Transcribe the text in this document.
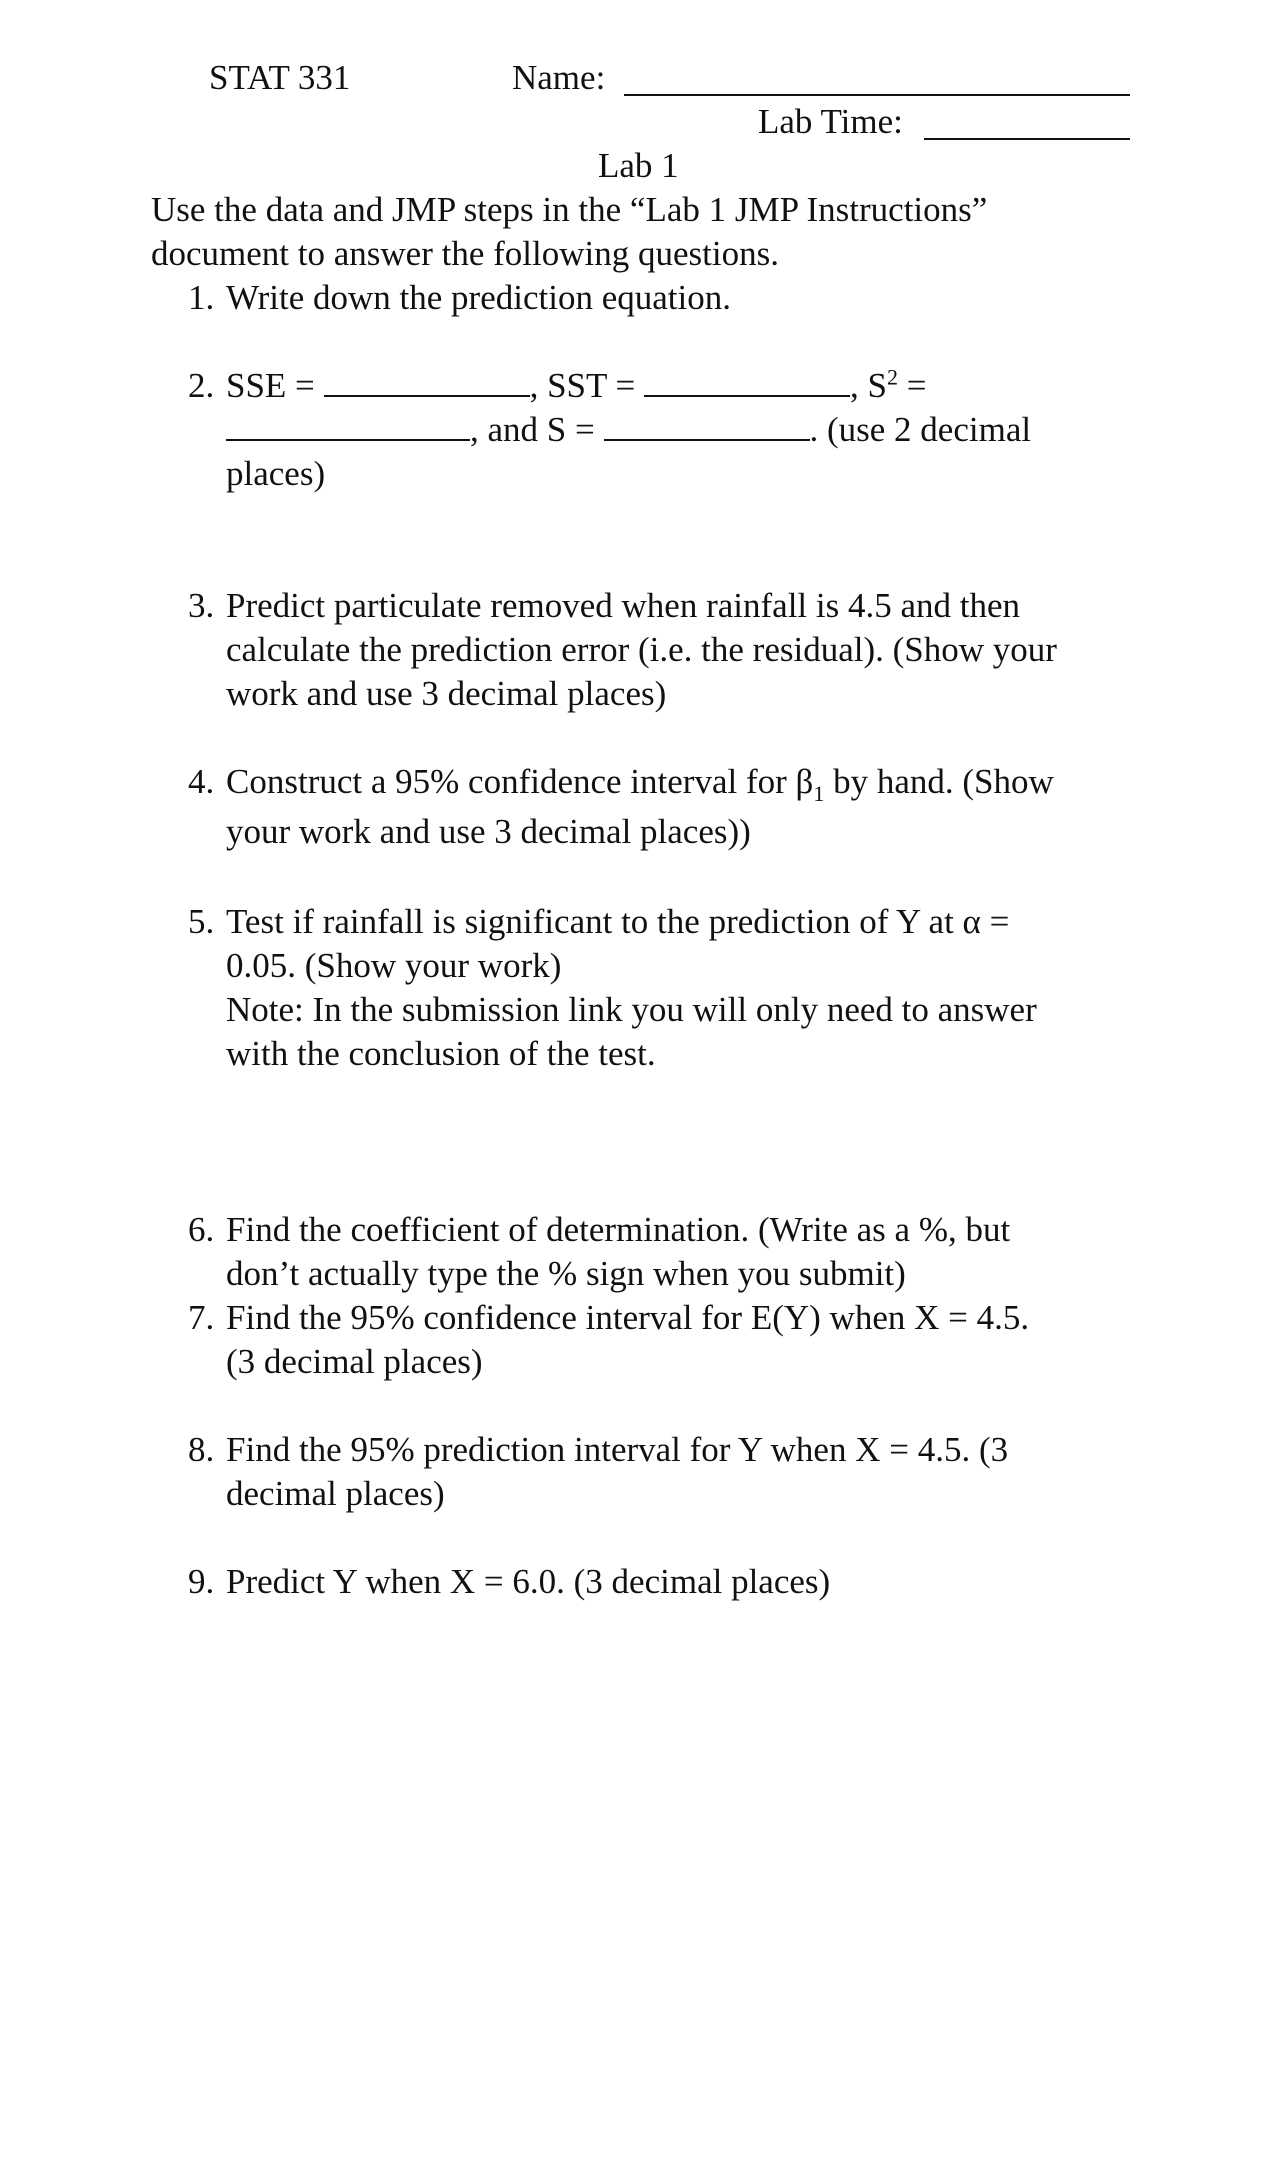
STAT 331	Name:
Lab Time:
Lab 1
Use the data and JMP steps in the “Lab 1 JMP Instructions”
document to answer the following questions.
1. Write down the prediction equation.
2. SSE =	, SST =	, $S^2$ =
, and S =	. (use 2 decimal
places)
3. Predict particulate removed when rainfall is 4.5 and then
calculate the prediction error (i.e. the residual). (Show your
work and use 3 decimal places)
4. Construct a 95% confidence interval for $\beta_1$ by hand. (Show
your work and use 3 decimal places))
5. Test if rainfall is significant to the prediction of Y at α =
0.05. (Show your work)
Note: In the submission link you will only need to answer
with the conclusion of the test.
6. Find the coefficient of determination. (Write as a %, but
don’t actually type the % sign when you submit)
7. Find the 95% confidence interval for E(Y) when X = 4.5.
(3 decimal places)
8. Find the 95% prediction interval for Y when X = 4.5. (3
decimal places)
9. Predict Y when X = 6.0. (3 decimal places)
